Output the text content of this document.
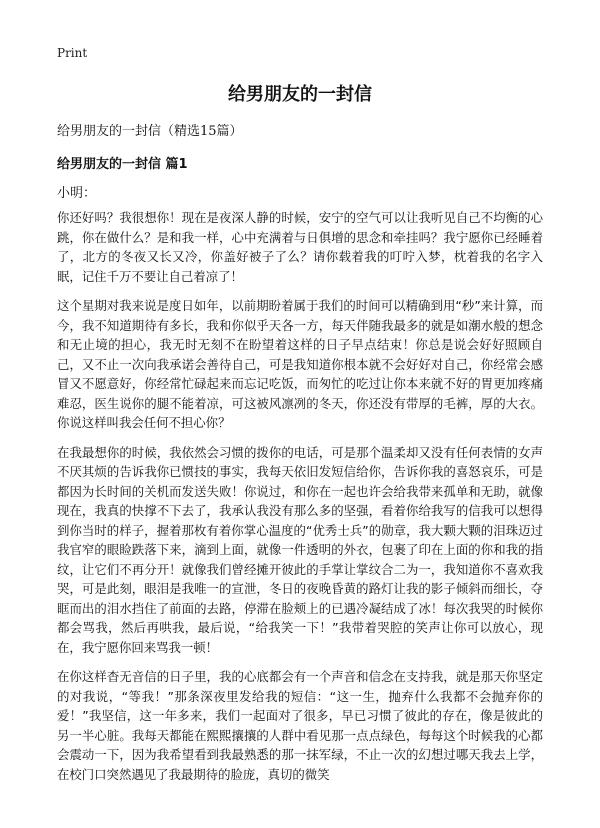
Print
给男朋友的一封信
给男朋友的一封信（精选15篇）
给男朋友的一封信 篇1
小明：

你还好吗？我很想你！现在是夜深人静的时候，安宁的空气可以让我听见自己不均衡的心跳，你在做什么？是和我一样，心中充满着与日俱增的思念和牵挂吗？我宁愿你已经睡着了，北方的冬夜又长又冷，你盖好被子了么？请你载着我的叮咛入梦，枕着我的名字入眠，记住千万不要让自己着凉了！

这个星期对我来说是度日如年，以前期盼着属于我们的时间可以精确到用“秒”来计算，而今，我不知道期待有多长，我和你似乎天各一方，每天伴随我最多的就是如潮水般的想念和无止境的担心，我无时无刻不在盼望着这样的日子早点结束！你总是说会好好照顾自己，又不止一次向我承诺会善待自己，可是我知道你根本就不会好好对自己，你经常会感冒又不愿意好，你经常忙碌起来而忘记吃饭，而匆忙的吃过让你本来就不好的胃更加疼痛难忍，医生说你的腿不能着凉，可这被风凛冽的冬天，你还没有带厚的毛裤，厚的大衣。你说这样叫我会任何不担心你？

在我最想你的时候，我依然会习惯的拨你的电话，可是那个温柔却又没有任何表情的女声不厌其烦的告诉我你已惯技的事实，我每天依旧发短信给你，告诉你我的喜怒哀乐，可是都因为长时间的关机而发送失败！你说过，和你在一起也许会给我带来孤单和无助，就像现在，我真的快撑不下去了，我承认我没有那么多的坚强，看着你给我写的信我可以想得到你当时的样子，握着那枚有着你掌心温度的“优秀士兵”的勋章，我大颗大颗的泪珠迈过我官窄的眼睑跌落下来，滴到上面，就像一件透明的外衣，包裹了印在上面的你和我的指纹，让它们不再分开！就像我们曾经摊开彼此的手掌让掌纹合二为一，我知道你不喜欢我哭，可是此刻，眼泪是我唯一的宣泄，冬日的夜晚昏黄的路灯让我的影子倾斜而细长，夺眶而出的泪水挡住了前面的去路，停滞在脸颊上的已遇冷凝结成了冰！每次我哭的时候你都会骂我，然后再哄我，最后说，“给我笑一下！”我带着哭腔的笑声让你可以放心，现在，我宁愿你回来骂我一顿！

在你这样杳无音信的日子里，我的心底都会有一个声音和信念在支持我，就是那天你坚定的对我说，“等我！”那条深夜里发给我的短信：“这一生，抛弃什么我都不会抛弃你的爱！”我坚信，这一年多来，我们一起面对了很多，早已习惯了彼此的存在，像是彼此的另一半心脏。我每天都能在熙熙攘攘的人群中看见那一点点绿色，每每这个时候我的心都会震动一下，因为我希望看到我最熟悉的那一抹军绿，不止一次的幻想过哪天我去上学，在校门口突然遇见了我最期待的脸庞，真切的微笑
